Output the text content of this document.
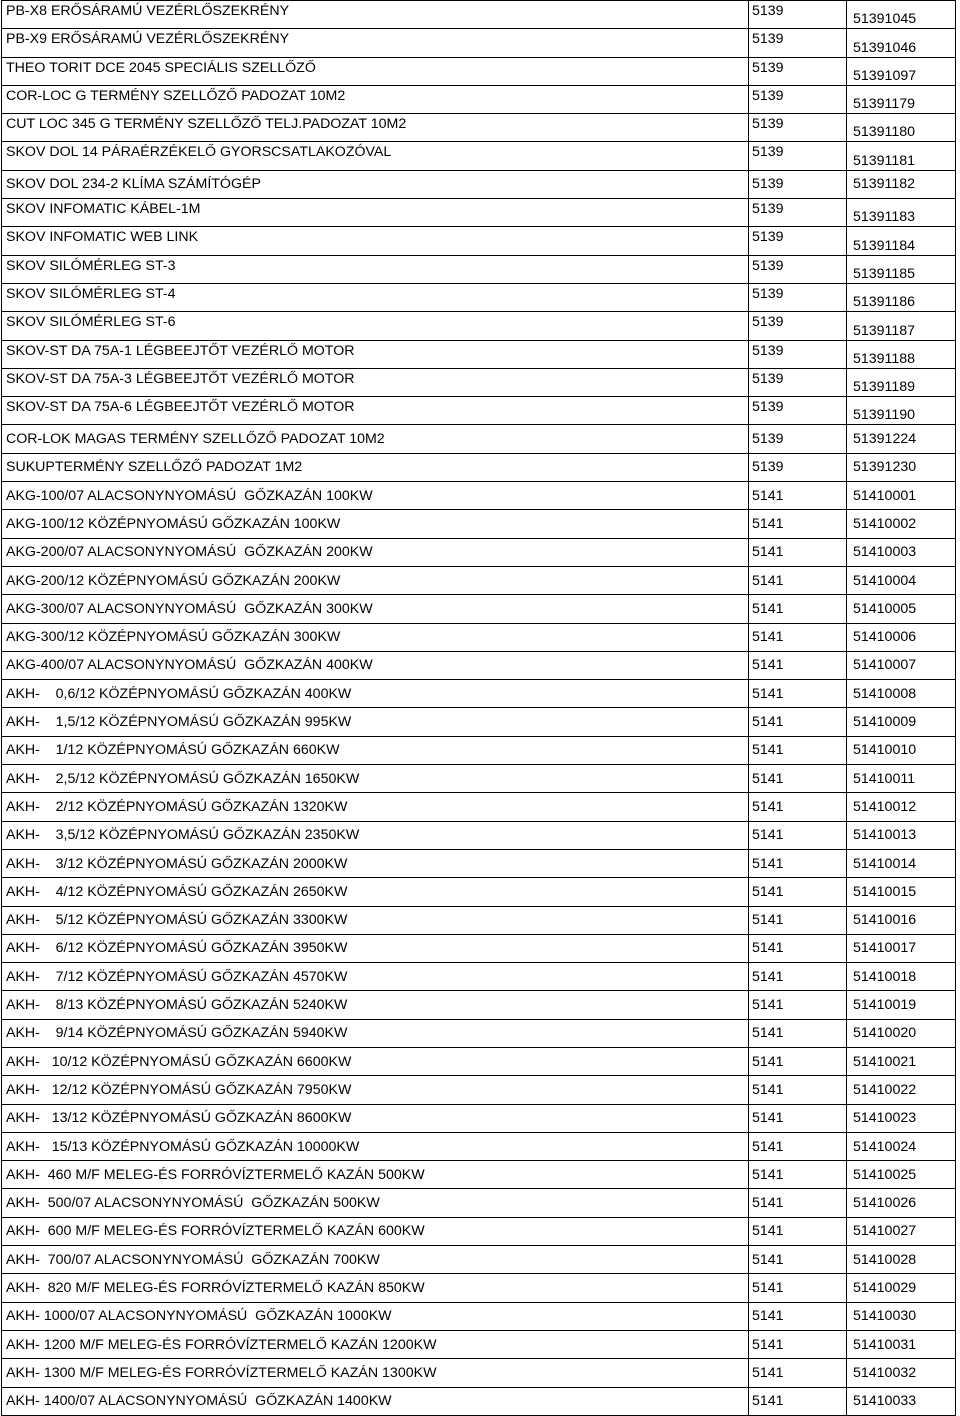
PB-X8 ERŐSÁRAMÚ VEZÉRLŐSZEKRÉNY	5139	51391045
PB-X9 ERŐSÁRAMÚ VEZÉRLŐSZEKRÉNY	5139	51391046
THEO TORIT DCE 2045 SPECIÁLIS SZELLŐZŐ	5139	51391097
COR-LOC G TERMÉNY SZELLŐZŐ PADOZAT 10M2	5139	51391179
CUT LOC 345 G TERMÉNY SZELLŐZŐ TELJ.PADOZAT 10M2	5139	51391180
SKOV DOL 14 PÁRAÉRZÉKELŐ GYORSCSATLAKOZÓVAL	5139	51391181
SKOV DOL 234-2 KLÍMA SZÁMÍTÓGÉP	5139	51391182
SKOV INFOMATIC KÁBEL-1M	5139	51391183
SKOV INFOMATIC WEB LINK	5139	51391184
SKOV SILÓMÉRLEG ST-3	5139	51391185
SKOV SILÓMÉRLEG ST-4	5139	51391186
SKOV SILÓMÉRLEG ST-6	5139	51391187
SKOV-ST DA 75A-1 LÉGBEEJTŐT VEZÉRLŐ MOTOR	5139	51391188
SKOV-ST DA 75A-3 LÉGBEEJTŐT VEZÉRLŐ MOTOR	5139	51391189
SKOV-ST DA 75A-6 LÉGBEEJTŐT VEZÉRLŐ MOTOR	5139	51391190
COR-LOK MAGAS TERMÉNY SZELLŐZŐ PADOZAT 10M2	5139	51391224
SUKUPTERMÉNY SZELLŐZŐ PADOZAT 1M2	5139	51391230
AKG-100/07 ALACSONYNYOMÁSÚ  GŐZKAZÁN 100KW	5141	51410001
AKG-100/12 KÖZÉPNYOMÁSÚ GŐZKAZÁN 100KW	5141	51410002
AKG-200/07 ALACSONYNYOMÁSÚ  GŐZKAZÁN 200KW	5141	51410003
AKG-200/12 KÖZÉPNYOMÁSÚ GŐZKAZÁN 200KW	5141	51410004
AKG-300/07 ALACSONYNYOMÁSÚ  GŐZKAZÁN 300KW	5141	51410005
AKG-300/12 KÖZÉPNYOMÁSÚ GŐZKAZÁN 300KW	5141	51410006
AKG-400/07 ALACSONYNYOMÁSÚ  GŐZKAZÁN 400KW	5141	51410007
AKH-    0,6/12 KÖZÉPNYOMÁSÚ GŐZKAZÁN 400KW	5141	51410008
AKH-    1,5/12 KÖZÉPNYOMÁSÚ GŐZKAZÁN 995KW	5141	51410009
AKH-    1/12 KÖZÉPNYOMÁSÚ GŐZKAZÁN 660KW	5141	51410010
AKH-    2,5/12 KÖZÉPNYOMÁSÚ GŐZKAZÁN 1650KW	5141	51410011
AKH-    2/12 KÖZÉPNYOMÁSÚ GŐZKAZÁN 1320KW	5141	51410012
AKH-    3,5/12 KÖZÉPNYOMÁSÚ GŐZKAZÁN 2350KW	5141	51410013
AKH-    3/12 KÖZÉPNYOMÁSÚ GŐZKAZÁN 2000KW	5141	51410014
AKH-    4/12 KÖZÉPNYOMÁSÚ GŐZKAZÁN 2650KW	5141	51410015
AKH-    5/12 KÖZÉPNYOMÁSÚ GŐZKAZÁN 3300KW	5141	51410016
AKH-    6/12 KÖZÉPNYOMÁSÚ GŐZKAZÁN 3950KW	5141	51410017
AKH-    7/12 KÖZÉPNYOMÁSÚ GŐZKAZÁN 4570KW	5141	51410018
AKH-    8/13 KÖZÉPNYOMÁSÚ GŐZKAZÁN 5240KW	5141	51410019
AKH-    9/14 KÖZÉPNYOMÁSÚ GŐZKAZÁN 5940KW	5141	51410020
AKH-   10/12 KÖZÉPNYOMÁSÚ GŐZKAZÁN 6600KW	5141	51410021
AKH-   12/12 KÖZÉPNYOMÁSÚ GŐZKAZÁN 7950KW	5141	51410022
AKH-   13/12 KÖZÉPNYOMÁSÚ GŐZKAZÁN 8600KW	5141	51410023
AKH-   15/13 KÖZÉPNYOMÁSÚ GŐZKAZÁN 10000KW	5141	51410024
AKH-  460 M/F MELEG-ÉS FORRÓVÍZTERMELŐ KAZÁN 500KW	5141	51410025
AKH-  500/07 ALACSONYNYOMÁSÚ  GŐZKAZÁN 500KW	5141	51410026
AKH-  600 M/F MELEG-ÉS FORRÓVÍZTERMELŐ KAZÁN 600KW	5141	51410027
AKH-  700/07 ALACSONYNYOMÁSÚ  GŐZKAZÁN 700KW	5141	51410028
AKH-  820 M/F MELEG-ÉS FORRÓVÍZTERMELŐ KAZÁN 850KW	5141	51410029
AKH- 1000/07 ALACSONYNYOMÁSÚ  GŐZKAZÁN 1000KW	5141	51410030
AKH- 1200 M/F MELEG-ÉS FORRÓVÍZTERMELŐ KAZÁN 1200KW	5141	51410031
AKH- 1300 M/F MELEG-ÉS FORRÓVÍZTERMELŐ KAZÁN 1300KW	5141	51410032
AKH- 1400/07 ALACSONYNYOMÁSÚ  GŐZKAZÁN 1400KW	5141	51410033
